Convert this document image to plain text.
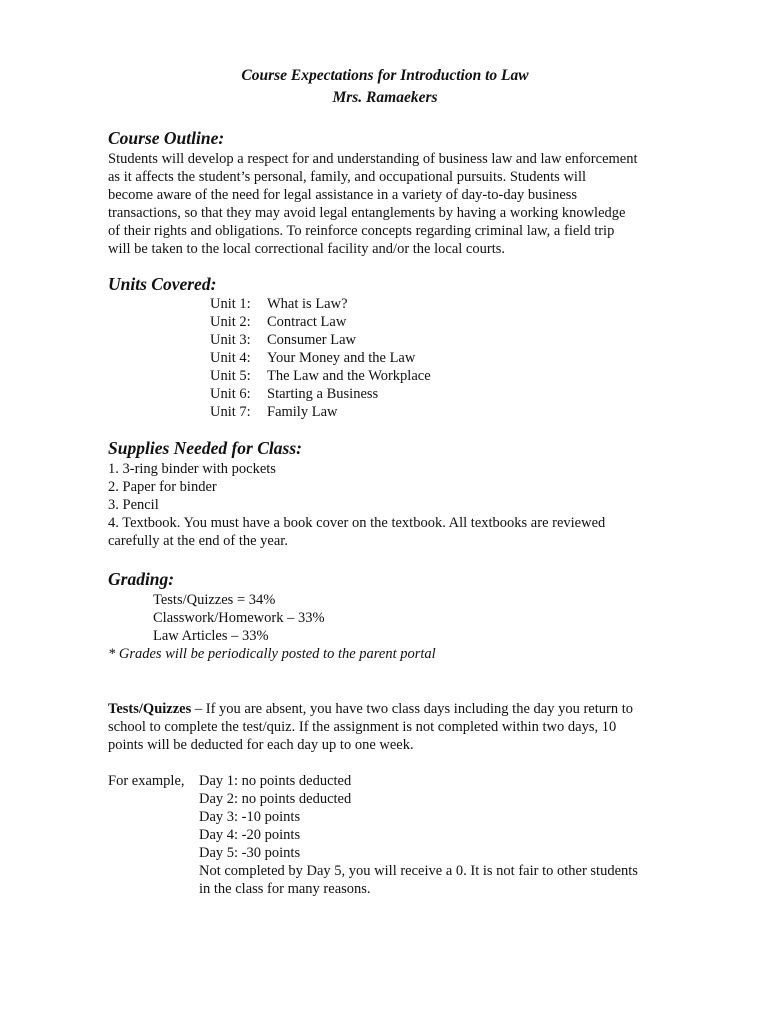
Course Expectations for Introduction to Law
Mrs. Ramaekers
Course Outline:
Students will develop a respect for and understanding of business law and law enforcement
as it affects the student’s personal, family, and occupational pursuits. Students will
become aware of the need for legal assistance in a variety of day-to-day business
transactions, so that they may avoid legal entanglements by having a working knowledge
of their rights and obligations. To reinforce concepts regarding criminal law, a field trip
will be taken to the local correctional facility and/or the local courts.
Units Covered:
Unit 1: What is Law?
Unit 2: Contract Law
Unit 3: Consumer Law
Unit 4: Your Money and the Law
Unit 5: The Law and the Workplace
Unit 6: Starting a Business
Unit 7: Family Law
Supplies Needed for Class:
1. 3-ring binder with pockets
2. Paper for binder
3. Pencil
4. Textbook. You must have a book cover on the textbook. All textbooks are reviewed
carefully at the end of the year.
Grading:
Tests/Quizzes = 34%
Classwork/Homework – 33%
Law Articles – 33%
* Grades will be periodically posted to the parent portal
Tests/Quizzes – If you are absent, you have two class days including the day you return to
school to complete the test/quiz. If the assignment is not completed within two days, 10
points will be deducted for each day up to one week.
For example, Day 1: no points deducted
Day 2: no points deducted
Day 3: -10 points
Day 4: -20 points
Day 5: -30 points
Not completed by Day 5, you will receive a 0. It is not fair to other students
in the class for many reasons.
